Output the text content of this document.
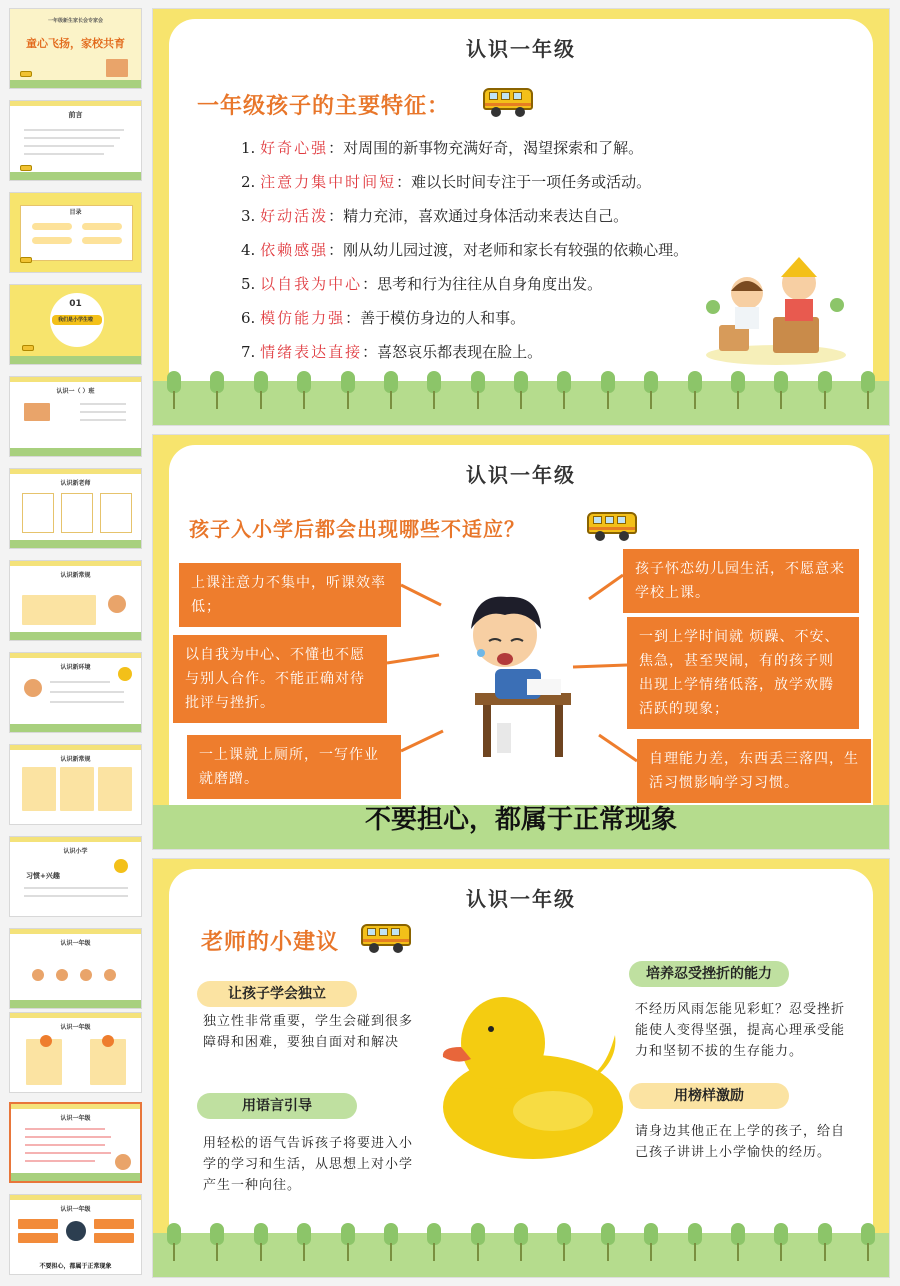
一年级新生家长会专家会
童心飞扬，家校共育
前言
目录
01
我们是小学生啦
认识一（ ）班
认识新老师
认识新常规
认识新环境
认识新常规
认识小学
习惯+兴趣
认识一年级
认识一年级
认识一年级
认识一年级
不要担心，都属于正常现象
认识一年级
一年级孩子的主要特征：
1. 好奇心强：对周围的新事物充满好奇，渴望探索和了解。
2. 注意力集中时间短：难以长时间专注于一项任务或活动。
3. 好动活泼：精力充沛，喜欢通过身体活动来表达自己。
4. 依赖感强：刚从幼儿园过渡，对老师和家长有较强的依赖心理。
5. 以自我为中心：思考和行为往往从自身角度出发。
6. 模仿能力强：善于模仿身边的人和事。
7. 情绪表达直接：喜怒哀乐都表现在脸上。
认识一年级
孩子入小学后都会出现哪些不适应？
上课注意力不集中，听课效率低；
以自我为中心、不懂也不愿与别人合作。不能正确对待批评与挫折。
一上课就上厕所，一写作业就磨蹭。
孩子怀恋幼儿园生活，不愿意来学校上课。
一到上学时间就 烦躁、不安、焦急，甚至哭闹，有的孩子则出现上学情绪低落，放学欢腾活跃的现象；
自理能力差，东西丢三落四，生活习惯影响学习习惯。
不要担心，都属于正常现象
认识一年级
老师的小建议
让孩子学会独立
独立性非常重要，学生会碰到很多障碍和困难，要独自面对和解决
用语言引导
用轻松的语气告诉孩子将要进入小学的学习和生活，从思想上对小学产生一种向往。
培养忍受挫折的能力
不经历风雨怎能见彩虹？忍受挫折能使人变得坚强，提高心理承受能力和坚韧不拔的生存能力。
用榜样激励
请身边其他正在上学的孩子，给自己孩子讲讲上小学愉快的经历。
